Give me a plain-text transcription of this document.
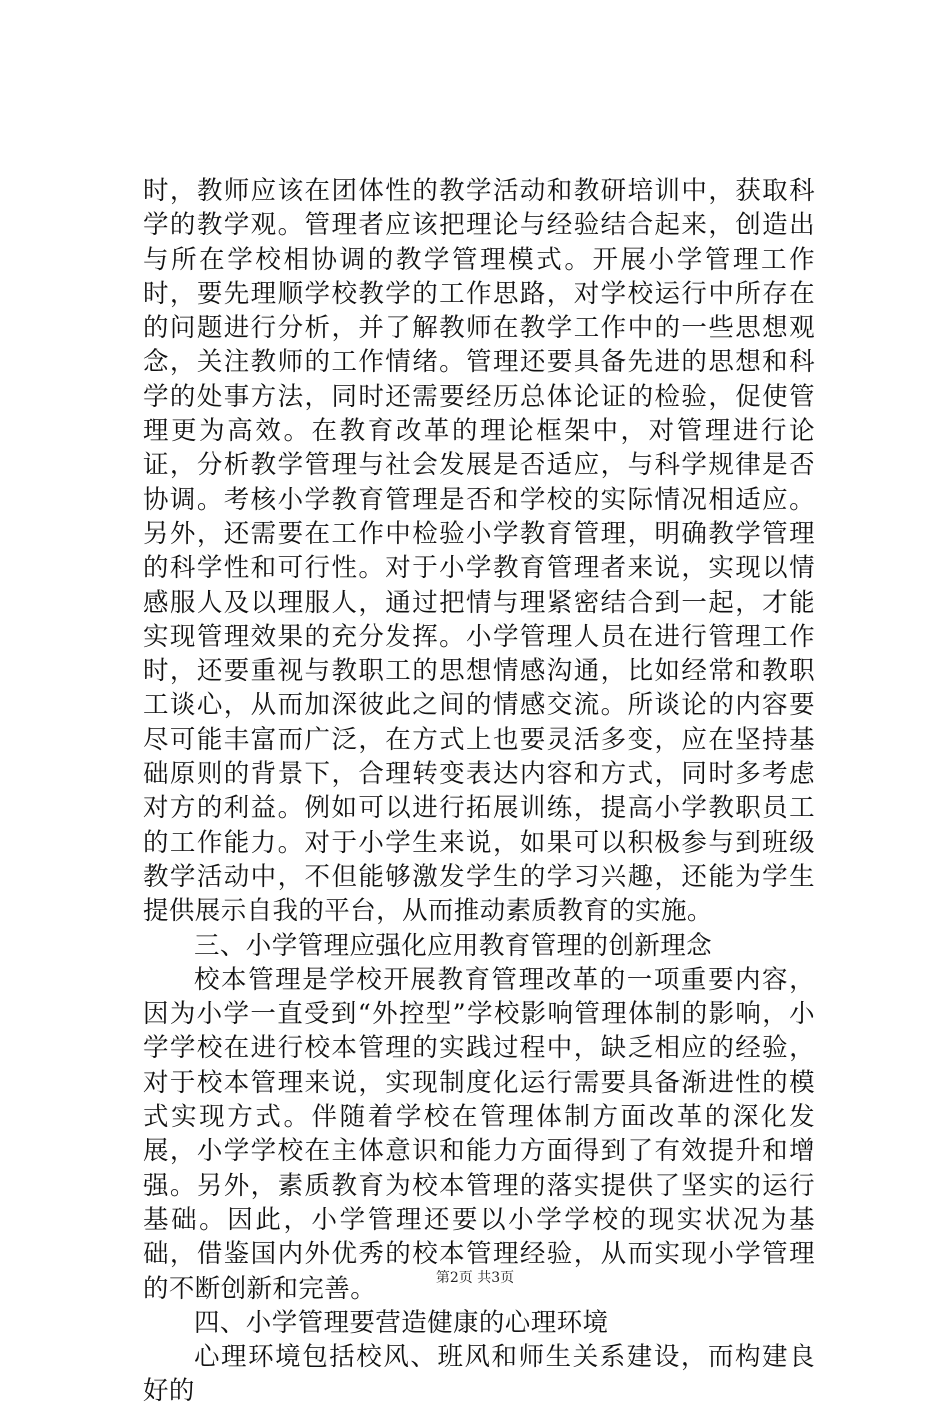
时，教师应该在团体性的教学活动和教研培训中，获取科学的教学观。管理者应该把理论与经验结合起来，创造出与所在学校相协调的教学管理模式。开展小学管理工作时，要先理顺学校教学的工作思路，对学校运行中所存在的问题进行分析，并了解教师在教学工作中的一些思想观念，关注教师的工作情绪。管理还要具备先进的思想和科学的处事方法，同时还需要经历总体论证的检验，促使管理更为高效。在教育改革的理论框架中，对管理进行论证，分析教学管理与社会发展是否适应，与科学规律是否协调。考核小学教育管理是否和学校的实际情况相适应。另外，还需要在工作中检验小学教育管理，明确教学管理的科学性和可行性。对于小学教育管理者来说，实现以情感服人及以理服人，通过把情与理紧密结合到一起，才能实现管理效果的充分发挥。小学管理人员在进行管理工作时，还要重视与教职工的思想情感沟通，比如经常和教职工谈心，从而加深彼此之间的情感交流。所谈论的内容要尽可能丰富而广泛，在方式上也要灵活多变，应在坚持基础原则的背景下，合理转变表达内容和方式，同时多考虑对方的利益。例如可以进行拓展训练，提高小学教职员工的工作能力。对于小学生来说，如果可以积极参与到班级教学活动中，不但能够激发学生的学习兴趣，还能为学生提供展示自我的平台，从而推动素质教育的实施。

三、小学管理应强化应用教育管理的创新理念

校本管理是学校开展教育管理改革的一项重要内容，因为小学一直受到“外控型”学校影响管理体制的影响，小学学校在进行校本管理的实践过程中，缺乏相应的经验，对于校本管理来说，实现制度化运行需要具备渐进性的模式实现方式。伴随着学校在管理体制方面改革的深化发展，小学学校在主体意识和能力方面得到了有效提升和增强。另外，素质教育为校本管理的落实提供了坚实的运行基础。因此，小学管理还要以小学学校的现实状况为基础，借鉴国内外优秀的校本管理经验，从而实现小学管理的不断创新和完善。

四、小学管理要营造健康的心理环境

心理环境包括校风、班风和师生关系建设，而构建良好的

第2页 共3页
